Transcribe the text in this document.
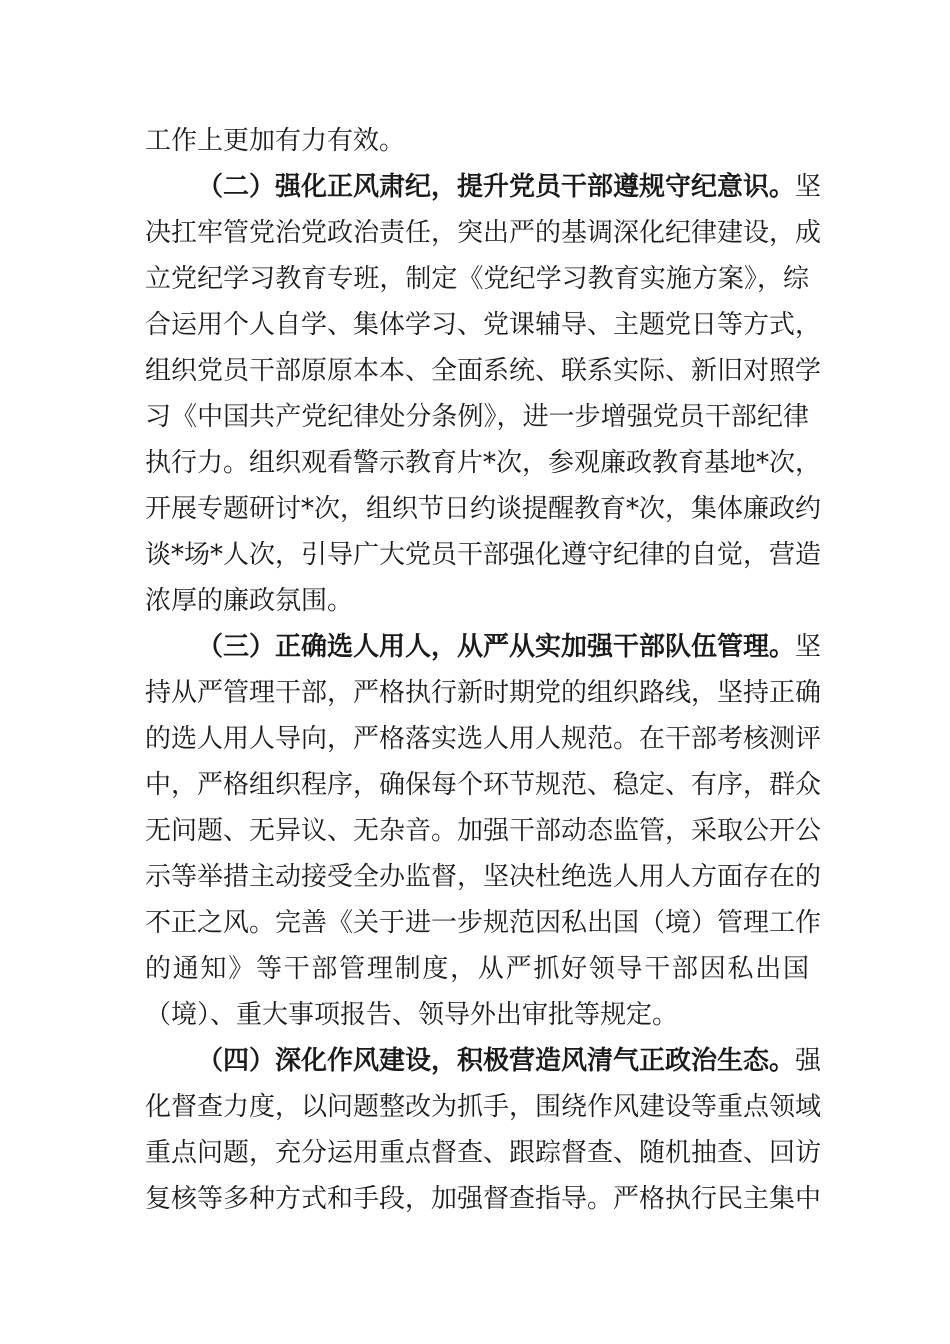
工作上更加有力有效。
（二）强化正风肃纪，提升党员干部遵规守纪意识。坚
决扛牢管党治党政治责任，突出严的基调深化纪律建设，成
立党纪学习教育专班，制定《党纪学习教育实施方案》，综
合运用个人自学、集体学习、党课辅导、主题党日等方式，
组织党员干部原原本本、全面系统、联系实际、新旧对照学
习《中国共产党纪律处分条例》，进一步增强党员干部纪律
执行力。组织观看警示教育片*次，参观廉政教育基地*次，
开展专题研讨*次，组织节日约谈提醒教育*次，集体廉政约
谈*场*人次，引导广大党员干部强化遵守纪律的自觉，营造
浓厚的廉政氛围。
（三）正确选人用人，从严从实加强干部队伍管理。坚
持从严管理干部，严格执行新时期党的组织路线，坚持正确
的选人用人导向，严格落实选人用人规范。在干部考核测评
中，严格组织程序，确保每个环节规范、稳定、有序，群众
无问题、无异议、无杂音。加强干部动态监管，采取公开公
示等举措主动接受全办监督，坚决杜绝选人用人方面存在的
不正之风。完善《关于进一步规范因私出国（境）管理工作
的通知》等干部管理制度，从严抓好领导干部因私出国
（境）、重大事项报告、领导外出审批等规定。
（四）深化作风建设，积极营造风清气正政治生态。强
化督查力度，以问题整改为抓手，围绕作风建设等重点领域
重点问题，充分运用重点督查、跟踪督查、随机抽查、回访
复核等多种方式和手段，加强督查指导。严格执行民主集中
